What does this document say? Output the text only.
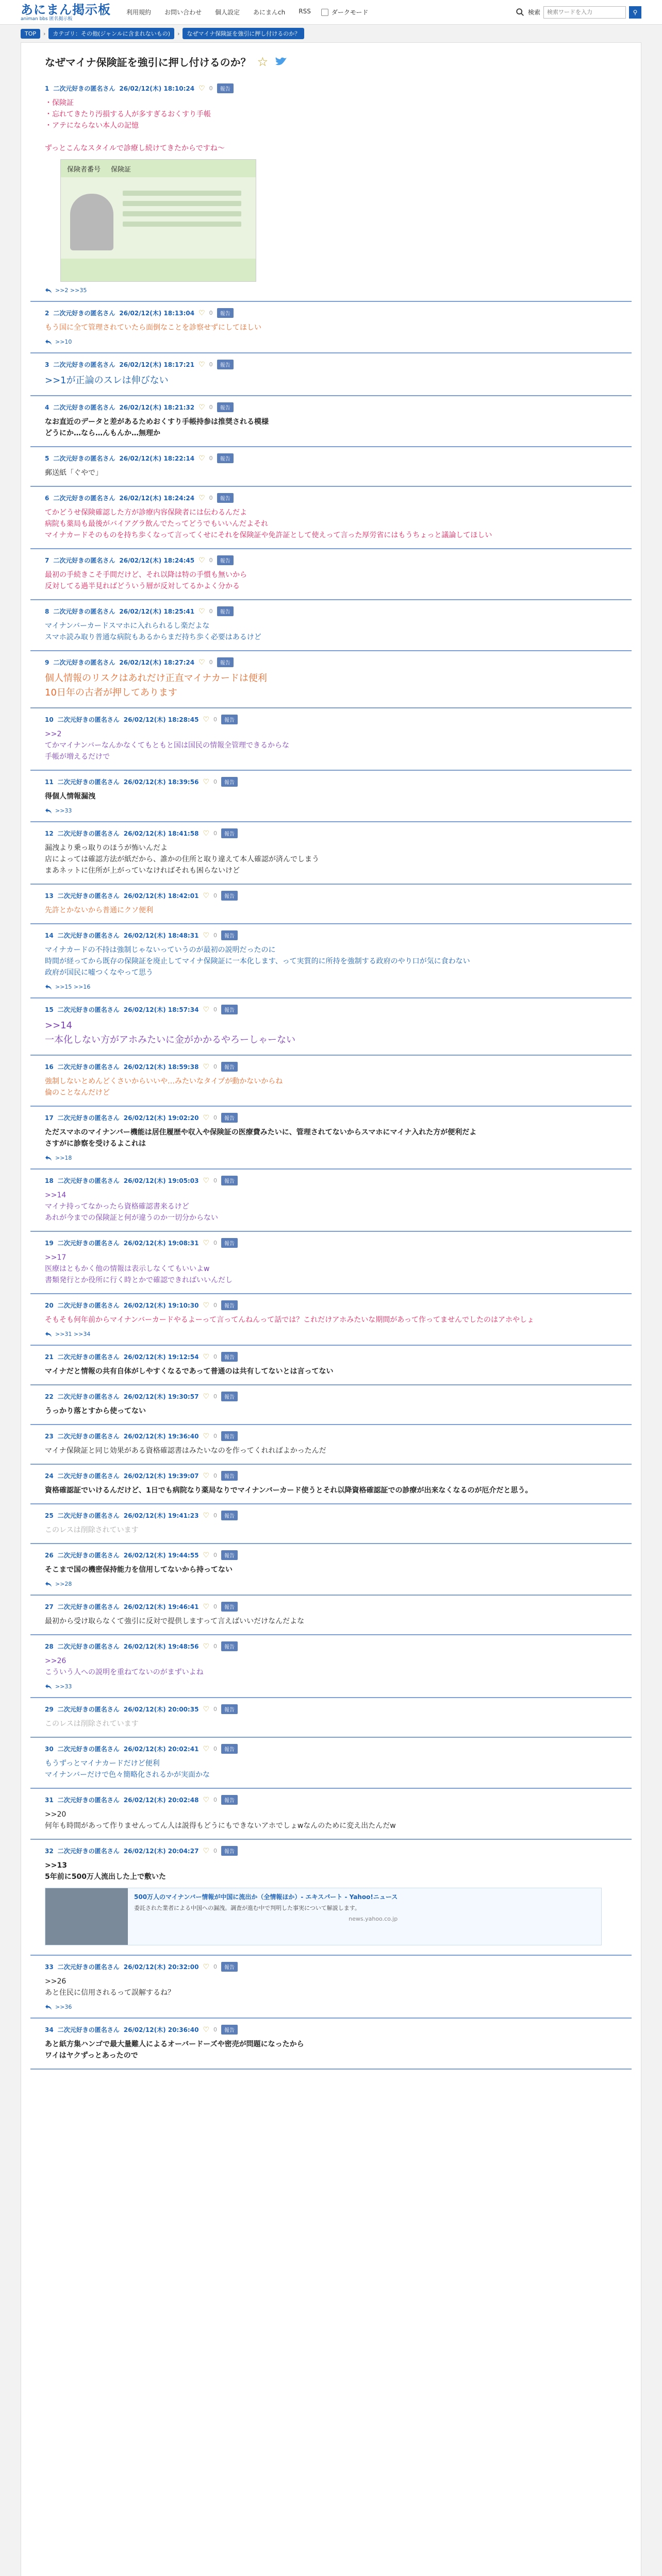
あにまん掲示板
animan bbs 匿名掲示板
利用規約 お問い合わせ 個人設定 あにまんch RSS	ダークモード	検索
検索ワードを入力	⚲
TOP	›	カテゴリ：その他(ジャンルに含まれないもの)	›	なぜマイナ保険証を強引に押し付けるのか？
なぜマイナ保険証を強引に押し付けるのか？ ☆
1 二次元好きの匿名さん 26/02/12(木) 18:10:24 ♡ 0	報告
・保険証
・忘れてきたり汚損する人が多すぎるおくすり手帳
・アテにならない本人の記憶
ずっとこんなスタイルで診療し続けてきたからですね〜
保険者番号 保険証
>>2 >>35
2 二次元好きの匿名さん 26/02/12(木) 18:13:04 ♡ 0	報告
もう国に全て管理されていたら面倒なことを診察せずにしてほしい
>>10
3 二次元好きの匿名さん 26/02/12(木) 18:17:21 ♡ 0	報告
>>1が正論のスレは伸びない
4 二次元好きの匿名さん 26/02/12(木) 18:21:32 ♡ 0	報告
なお直近のデータと差があるためおくすり手帳持参は推奨される模様
どうにか…なら…んもんか…無理か
5 二次元好きの匿名さん 26/02/12(木) 18:22:14 ♡ 0	報告
郵送紙「ぐやで」
6 二次元好きの匿名さん 26/02/12(木) 18:24:24 ♡ 0	報告
てかどうせ保険確認した方が診療内容保険者には伝わるんだよ
病院も薬局も最後がバイアグラ飲んでたってどうでもいいんだよそれ
マイナカードそのものを持ち歩くなって言ってくせにそれを保険証や免許証として使えって言った厚労省にはもうちょっと議論してほしい
7 二次元好きの匿名さん 26/02/12(木) 18:24:45 ♡ 0	報告
最初の手続きこそ手間だけど、それ以降は特の手慣も無いから
反対してる過半見ればどういう層が反対してるかよく分かる
8 二次元好きの匿名さん 26/02/12(木) 18:25:41 ♡ 0	報告
マイナンバーカードスマホに入れられるし楽だよな
スマホ読み取り普通な病院もあるからまだ持ち歩く必要はあるけど
9 二次元好きの匿名さん 26/02/12(木) 18:27:24 ♡ 0	報告
個人情報のリスクはあれだけ正直マイナカードは便利
10日年の古者が押してあります
10 二次元好きの匿名さん 26/02/12(木) 18:28:45 ♡ 0	報告
>>2
てかマイナンバーなんかなくてもともと国は国民の情報全管理できるからな
手帳が増えるだけで
11 二次元好きの匿名さん 26/02/12(木) 18:39:56 ♡ 0	報告
得個人情報漏洩
>>33
12 二次元好きの匿名さん 26/02/12(木) 18:41:58 ♡ 0	報告
漏洩より乗っ取りのほうが怖いんだよ
店によっては確認方法が紙だから、誰かの住所と取り違えて本人確認が済んでしまう
まあネットに住所が上がっていなければそれも困らないけど
13 二次元好きの匿名さん 26/02/12(木) 18:42:01 ♡ 0	報告
先許とかないから普通にクソ便利
14 二次元好きの匿名さん 26/02/12(木) 18:48:31 ♡ 0	報告
マイナカードの不持は強制じゃないっていうのが最初の説明だったのに
時間が経ってから既存の保険証を廃止してマイナ保険証に一本化します、って実質的に所持を強制する政府のやり口が気に食わない
政府が国民に嘘つくなやって思う
>>15 >>16
15 二次元好きの匿名さん 26/02/12(木) 18:57:34 ♡ 0	報告
>>14
一本化しない方がアホみたいに金がかかるやろーしゃーない
16 二次元好きの匿名さん 26/02/12(木) 18:59:38 ♡ 0	報告
強制しないとめんどくさいからいいや…みたいなタイプが動かないからね
倫のことなんだけど
17 二次元好きの匿名さん 26/02/12(木) 19:02:20 ♡ 0	報告
ただスマホのマイナンバー機能は居住履歴や収入や保険証の医療費みたいに、管理されてないからスマホにマイナ入れた方が便利だよ
さすがに診察を受けるよこれは
>>18
18 二次元好きの匿名さん 26/02/12(木) 19:05:03 ♡ 0	報告
>>14
マイナ持ってなかったら資格確認書来るけど
あれが今までの保険証と何が違うのか一切分からない
19 二次元好きの匿名さん 26/02/12(木) 19:08:31 ♡ 0	報告
>>17
医療はともかく他の情報は表示しなくてもいいよw
書類発行とか役所に行く時とかで確認できればいいんだし
20 二次元好きの匿名さん 26/02/12(木) 19:10:30 ♡ 0	報告
そもそも何年前からマイナンバーカードやるよーって言ってんねんって話では？これだけアホみたいな期間があって作ってませんでしたのはアホやしょ
>>31 >>34
21 二次元好きの匿名さん 26/02/12(木) 19:12:54 ♡ 0	報告
マイナだと情報の共有自体がしやすくなるであって普通のは共有してないとは言ってない
22 二次元好きの匿名さん 26/02/12(木) 19:30:57 ♡ 0	報告
うっかり落とすから使ってない
23 二次元好きの匿名さん 26/02/12(木) 19:36:40 ♡ 0	報告
マイナ保険証と同じ効果がある資格確認書はみたいなのを作ってくれればよかったんだ
24 二次元好きの匿名さん 26/02/12(木) 19:39:07 ♡ 0	報告
資格確認証でいけるんだけど、1日でも病院なり薬局なりでマイナンバーカード使うとそれ以降資格確認証での診療が出来なくなるのが厄介だと思う。
25 二次元好きの匿名さん 26/02/12(木) 19:41:23 ♡ 0	報告
このレスは削除されています
26 二次元好きの匿名さん 26/02/12(木) 19:44:55 ♡ 0	報告
そこまで国の機密保持能力を信用してないから持ってない
>>28
27 二次元好きの匿名さん 26/02/12(木) 19:46:41 ♡ 0	報告
最初から受け取らなくて強引に反対で提供しますって言えばいいだけなんだよな
28 二次元好きの匿名さん 26/02/12(木) 19:48:56 ♡ 0	報告
>>26
こういう人への説明を重ねてないのがまずいよね
>>33
29 二次元好きの匿名さん 26/02/12(木) 20:00:35 ♡ 0	報告
このレスは削除されています
30 二次元好きの匿名さん 26/02/12(木) 20:02:41 ♡ 0	報告
もうずっとマイナカードだけど便利
マイナンバーだけで色々簡略化されるかが実面かな
31 二次元好きの匿名さん 26/02/12(木) 20:02:48 ♡ 0	報告
>>20
何年も時間があって作りませんってん人は説得もどうにもできないアホでしょwなんのために変え出たんだw
32 二次元好きの匿名さん 26/02/12(木) 20:04:27 ♡ 0	報告
>>13
5年前に500万人流出した上で敷いた
500万人のマイナンバー情報が中国に流出か（全情報ほか）- エキスパート - Yahoo!ニュース
委託された業者による中国への漏洩。調査が進む中で判明した事実について解説します。
news.yahoo.co.jp
33 二次元好きの匿名さん 26/02/12(木) 20:32:00 ♡ 0	報告
>>26
あと住民に信用されるって誤解するね？
>>36
34 二次元好きの匿名さん 26/02/12(木) 20:36:40 ♡ 0	報告
あと紙方集ハンゴで最大量難人によるオーバードーズや密売が問題になったから
ワイはヤクずっとあったので
